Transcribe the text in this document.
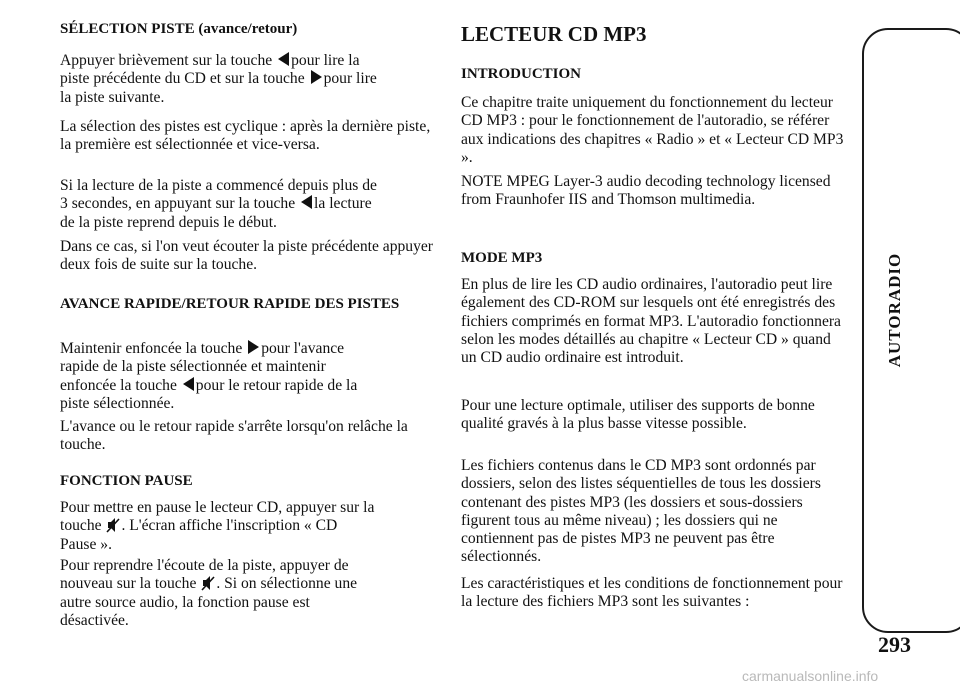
SÉLECTION PISTE (avance/retour)

Appuyer brièvement sur la touche pour lire la
piste précédente du CD et sur la touche pour lire
la piste suivante.

La sélection des pistes est cyclique : après la dernière piste, la première est sélectionnée et vice-versa.

Si la lecture de la piste a commencé depuis plus de
3 secondes, en appuyant sur la touche la lecture
de la piste reprend depuis le début.

Dans ce cas, si l'on veut écouter la piste précédente appuyer deux fois de suite sur la touche.

AVANCE RAPIDE/RETOUR RAPIDE DES PISTES

Maintenir enfoncée la touche pour l'avance
rapide de la piste sélectionnée et maintenir
enfoncée la touche pour le retour rapide de la
piste sélectionnée.

L'avance ou le retour rapide s'arrête lorsqu'on relâche la touche.

FONCTION PAUSE

Pour mettre en pause le lecteur CD, appuyer sur la
touche . L'écran affiche l'inscription « CD
Pause ».

Pour reprendre l'écoute de la piste, appuyer de
nouveau sur la touche . Si on sélectionne une
autre source audio, la fonction pause est
désactivée.

LECTEUR CD MP3
INTRODUCTION

Ce chapitre traite uniquement du fonctionnement du lecteur CD MP3 : pour le fonctionnement de l'autoradio, se référer aux indications des chapitres « Radio » et « Lecteur CD MP3 ».

NOTE MPEG Layer-3 audio decoding technology licensed from Fraunhofer IIS and Thomson multimedia.

MODE MP3

En plus de lire les CD audio ordinaires, l'autoradio peut lire également des CD-ROM sur lesquels ont été enregistrés des fichiers comprimés en format MP3. L'autoradio fonctionnera selon les modes détaillés au chapitre « Lecteur CD » quand un CD audio ordinaire est introduit.

Pour une lecture optimale, utiliser des supports de bonne qualité gravés à la plus basse vitesse possible.

Les fichiers contenus dans le CD MP3 sont ordonnés par dossiers, selon des listes séquentielles de tous les dossiers contenant des pistes MP3 (les dossiers et sous-dossiers figurent tous au même niveau) ; les dossiers qui ne contiennent pas de pistes MP3 ne peuvent pas être sélectionnés.

Les caractéristiques et les conditions de fonctionnement pour la lecture des fichiers MP3 sont les suivantes :

AUTORADIO
293
carmanualsonline.info
